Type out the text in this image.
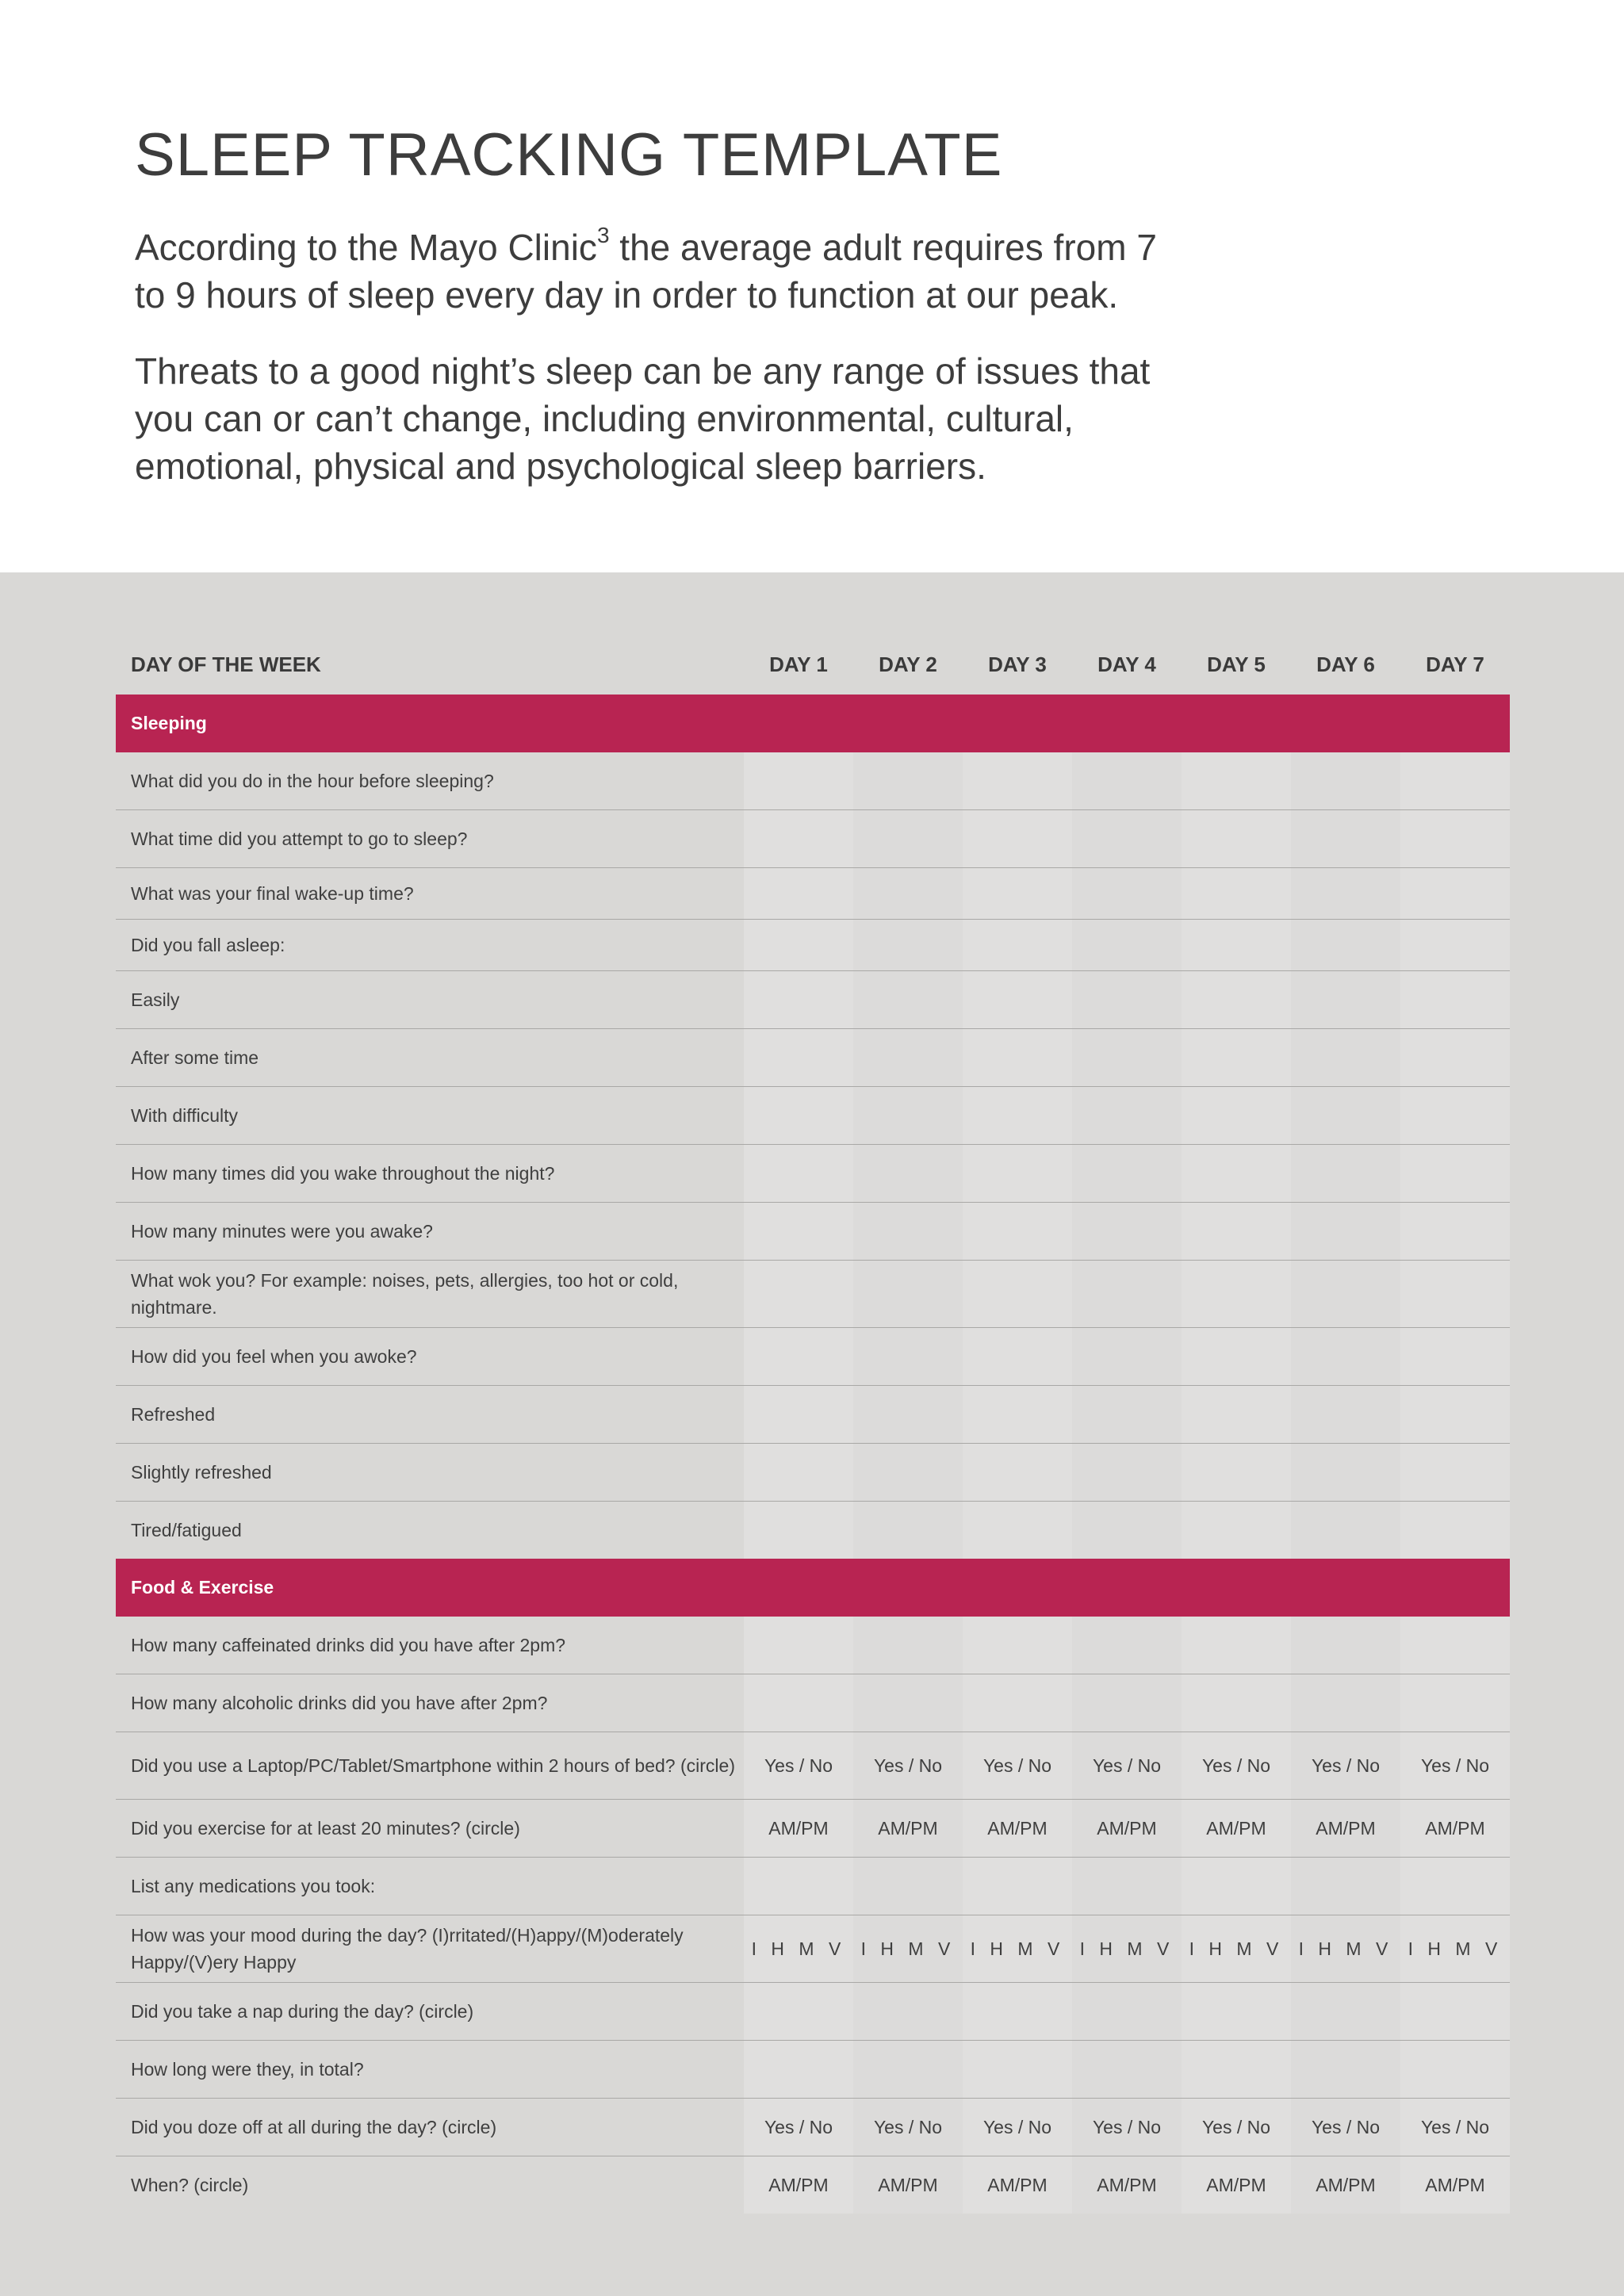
SLEEP TRACKING TEMPLATE

According to the Mayo Clinic$^3$ the average adult requires from 7 to 9 hours of sleep every day in order to function at our peak.

Threats to a good night’s sleep can be any range of issues that you can or can’t change, including environmental, cultural, emotional, physical and psychological sleep barriers.

DAY OF THE WEEK	DAY 1	DAY 2	DAY 3	DAY 4	DAY 5	DAY 6	DAY 7
Sleeping							
What did you do in the hour before sleeping?							
What time did you attempt to go to sleep?							
What was your final wake-up time?							
Did you fall asleep:							
Easily							
After some time							
With difficulty							
How many times did you wake throughout the night?							
How many minutes were you awake?							
What wok you? For example: noises, pets, allergies, too hot or cold, nightmare.							
How did you feel when you awoke?							
Refreshed							
Slightly refreshed							
Tired/fatigued							
Food & Exercise							
How many caffeinated drinks did you have after 2pm?							
How many alcoholic drinks did you have after 2pm?							
Did you use a Laptop/PC/Tablet/Smartphone within 2 hours of bed? (circle)	Yes / No	Yes / No	Yes / No	Yes / No	Yes / No	Yes / No	Yes / No
Did you exercise for at least 20 minutes? (circle)	AM/PM	AM/PM	AM/PM	AM/PM	AM/PM	AM/PM	AM/PM
List any medications you took:							
How was your mood during the day? (I)rritated/(H)appy/(M)oderately Happy/(V)ery Happy	I H M V	I H M V	I H M V	I H M V	I H M V	I H M V	I H M V
Did you take a nap during the day? (circle)							
How long were they, in total?							
Did you doze off at all during the day? (circle)	Yes / No	Yes / No	Yes / No	Yes / No	Yes / No	Yes / No	Yes / No
When? (circle)	AM/PM	AM/PM	AM/PM	AM/PM	AM/PM	AM/PM	AM/PM
